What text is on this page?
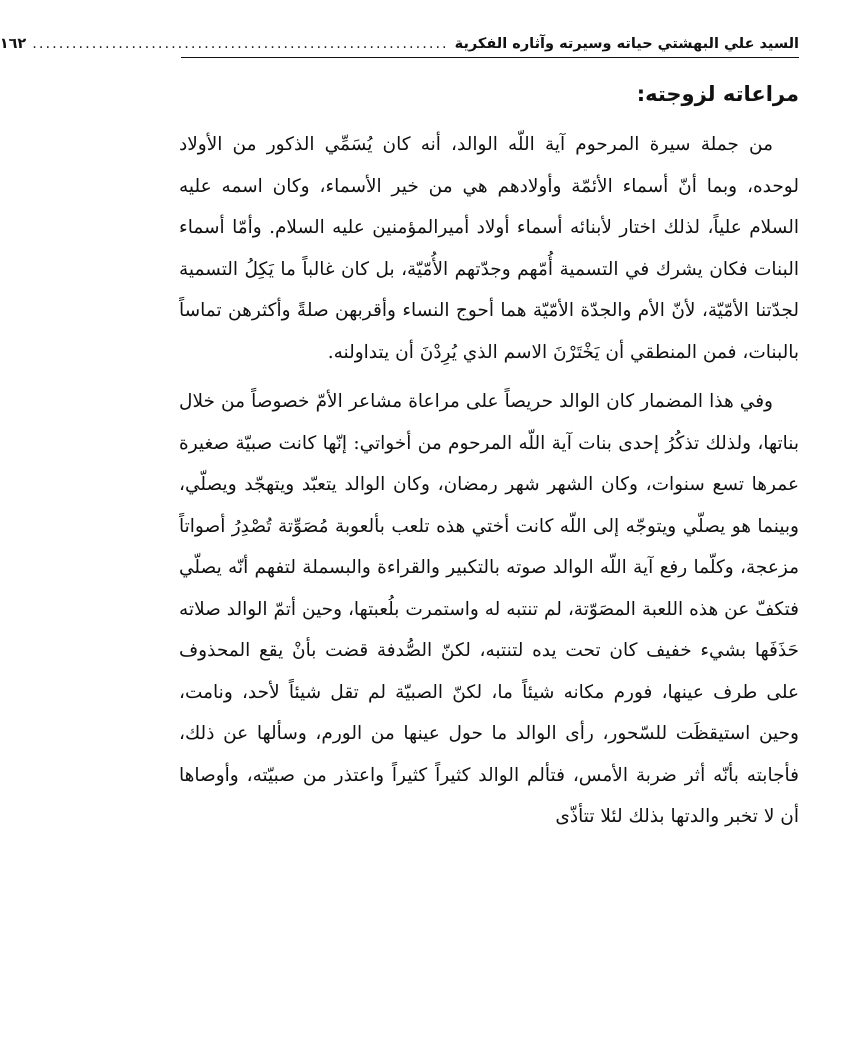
السيد علي البهشتي حياته وسيرته وآثاره الفكرية
...............................................................
١٦٢
مراعاته لزوجته:

من جملة سيرة المرحوم آية اللّه الوالد، أنه كان يُسَمِّي الذكور من الأولاد لوحده، وبما أنّ أسماء الأئمّة وأولادهم هي من خير الأسماء، وكان اسمه عليه السلام علياً، لذلك اختار لأبنائه أسماء أولاد أميرالمؤمنين عليه السلام. وأمّا أسماء البنات فكان يشرك في التسمية أُمّهم وجدّتهم الأُمّيّة، بل كان غالباً ما يَكِلُ التسمية لجدّتنا الأمّيّة، لأنّ الأم والجدّة الأمّيّة هما أحوج النساء وأقربهن صلةً وأكثرهن تماساً بالبنات، فمن المنطقي أن يَخْتَرْنَ الاسم الذي يُرِدْنَ أن يتداولنه.

وفي هذا المضمار كان الوالد حريصاً على مراعاة مشاعر الأمّ خصوصاً من خلال بناتها، ولذلك تذكُرُ إحدى بنات آية اللّه المرحوم من أخواتي: إنّها كانت صبيّة صغيرة عمرها تسع سنوات، وكان الشهر شهر رمضان، وكان الوالد يتعبّد ويتهجّد ويصلّي، وبينما هو يصلّي ويتوجّه إلى اللّه كانت أختي هذه تلعب بألعوبة مُصَوِّتة تُصْدِرُ أصواتاً مزعجة، وكلّما رفع آية اللّه الوالد صوته بالتكبير والقراءة والبسملة لتفهم أنّه يصلّي فتكفّ عن هذه اللعبة المصَوّتة، لم تنتبه له واستمرت بلُعبتها، وحين أتمّ الوالد صلاته حَذَفَها بشيء خفيف كان تحت يده لتنتبه، لكنّ الصُّدفة قضت بأنْ يقع المحذوف على طرف عينها، فورم مكانه شيئاً ما، لكنّ الصبيّة لم تقل شيئاً لأحد، ونامت، وحين استيقظَت للسّحور، رأى الوالد ما حول عينها من الورم، وسألها عن ذلك، فأجابته بأنّه أثر ضربة الأمس، فتألم الوالد كثيراً كثيراً واعتذر من صبيّته، وأوصاها أن لا تخبر والدتها بذلك لئلا تتأذّى
